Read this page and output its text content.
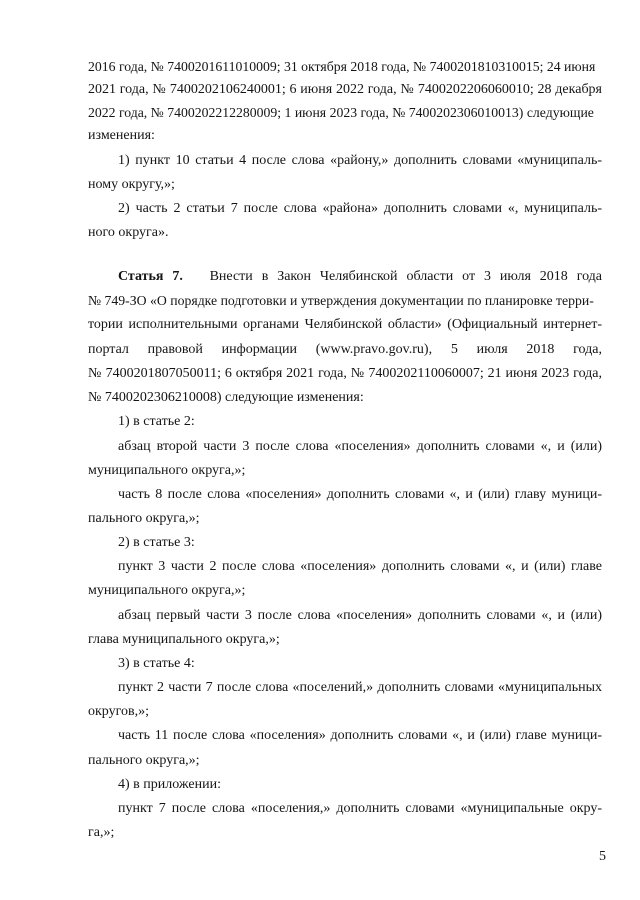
2016 года, № 7400201611010009; 31 октября 2018 года, № 7400201810310015; 24 июня
2021 года, № 7400202106240001; 6 июня 2022 года, № 7400202206060010; 28 декабря
2022 года, № 7400202212280009; 1 июня 2023 года, № 7400202306010013) следующие
изменения:
1) пункт 10 статьи 4 после слова «району,» дополнить словами «муниципаль-
ному округу,»;
2) часть 2 статьи 7 после слова «района» дополнить словами «, муниципаль-
ного округа».
Статья 7. Внести в Закон Челябинской области от 3 июля 2018 года
№ 749-ЗО «О порядке подготовки и утверждения документации по планировке терри-
тории исполнительными органами Челябинской области» (Официальный интернет-
портал правовой информации (www.pravo.gov.ru), 5 июля 2018 года,
№ 7400201807050011; 6 октября 2021 года, № 7400202110060007; 21 июня 2023 года,
№ 7400202306210008) следующие изменения:
1) в статье 2:
абзац второй части 3 после слова «поселения» дополнить словами «, и (или)
муниципального округа,»;
часть 8 после слова «поселения» дополнить словами «, и (или) главу муници-
пального округа,»;
2) в статье 3:
пункт 3 части 2 после слова «поселения» дополнить словами «, и (или) главе
муниципального округа,»;
абзац первый части 3 после слова «поселения» дополнить словами «, и (или)
глава муниципального округа,»;
3) в статье 4:
пункт 2 части 7 после слова «поселений,» дополнить словами «муниципальных
округов,»;
часть 11 после слова «поселения» дополнить словами «, и (или) главе муници-
пального округа,»;
4) в приложении:
пункт 7 после слова «поселения,» дополнить словами «муниципальные окру-
га,»;
5
